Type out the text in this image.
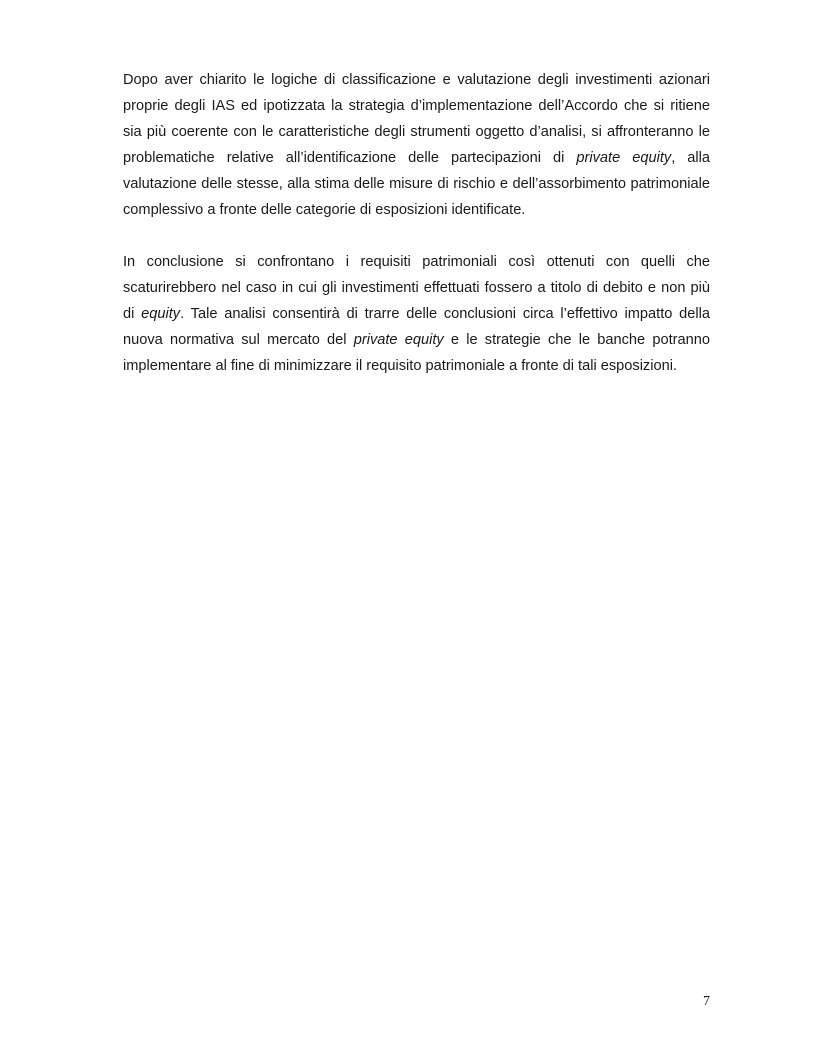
Dopo aver chiarito le logiche di classificazione e valutazione degli investimenti azionari proprie degli IAS ed ipotizzata la strategia d’implementazione dell’Accordo che si ritiene sia più coerente con le caratteristiche degli strumenti oggetto d’analisi, si affronteranno le problematiche relative all’identificazione delle partecipazioni di private equity, alla valutazione delle stesse, alla stima delle misure di rischio e dell’assorbimento patrimoniale complessivo a fronte delle categorie di esposizioni identificate.

In conclusione si confrontano i requisiti patrimoniali così ottenuti con quelli che scaturirebbero nel caso in cui gli investimenti effettuati fossero a titolo di debito e non più di equity. Tale analisi consentirà di trarre delle conclusioni circa l’effettivo impatto della nuova normativa sul mercato del private equity e le strategie che le banche potranno implementare al fine di minimizzare il requisito patrimoniale a fronte di tali esposizioni.

7
